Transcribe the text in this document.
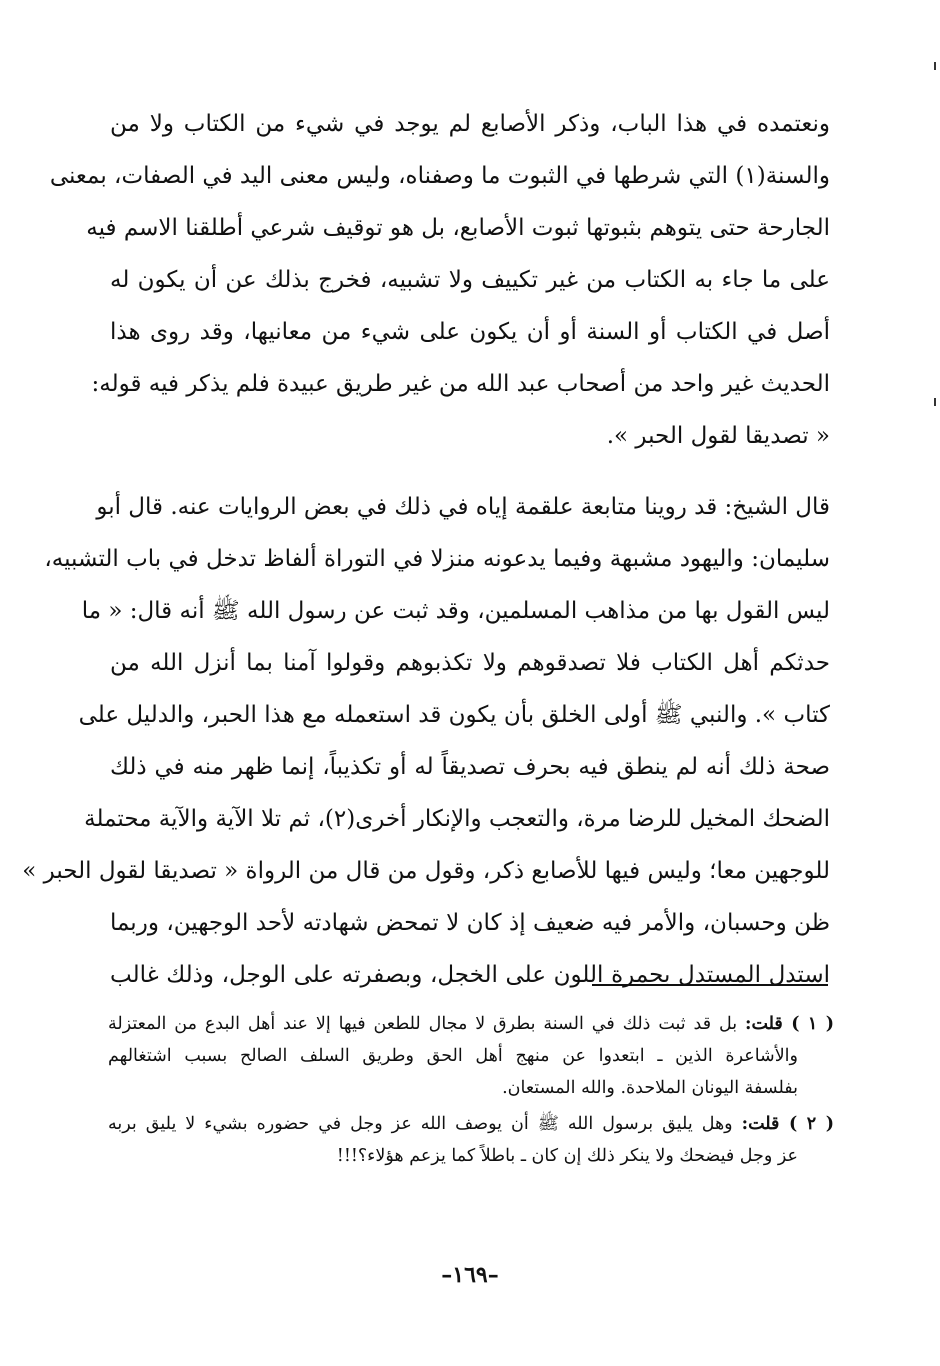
ونعتمده في هذا الباب، وذكر الأصابع لم يوجد في شيء من الكتاب ولا من
والسنة(١) التي شرطها في الثبوت ما وصفناه، وليس معنى اليد في الصفات، بمعنى
الجارحة حتى يتوهم بثبوتها ثبوت الأصابع، بل هو توقيف شرعي أطلقنا الاسم فيه
على ما جاء به الكتاب من غير تكييف ولا تشبيه، فخرج بذلك عن أن يكون له
أصل في الكتاب أو السنة أو أن يكون على شيء من معانيها، وقد روى هذا
الحديث غير واحد من أصحاب عبد الله من غير طريق عبيدة فلم يذكر فيه قوله:
« تصديقا لقول الحبر ».
قال الشيخ: قد روينا متابعة علقمة إياه في ذلك في بعض الروايات عنه. قال أبو
سليمان: واليهود مشبهة وفيما يدعونه منزلا في التوراة ألفاظ تدخل في باب التشبيه،
ليس القول بها من مذاهب المسلمين، وقد ثبت عن رسول الله ﷺ أنه قال: « ما
حدثكم أهل الكتاب فلا تصدقوهم ولا تكذبوهم وقولوا آمنا بما أنزل الله من
كتاب ». والنبي ﷺ أولى الخلق بأن يكون قد استعمله مع هذا الحبر، والدليل على
صحة ذلك أنه لم ينطق فيه بحرف تصديقاً له أو تكذيباً، إنما ظهر منه في ذلك
الضحك المخيل للرضا مرة، والتعجب والإنكار أخرى(٢)، ثم تلا الآية والآية محتملة
للوجهين معا؛ وليس فيها للأصابع ذكر، وقول من قال من الرواة « تصديقا لقول الحبر »
ظن وحسبان، والأمر فيه ضعيف إذ كان لا تمحض شهادته لأحد الوجهين، وربما
استدل المستدل بحمرة اللون على الخجل، وبصفرته على الوجل، وذلك غالب
( ١ ) قلت: بل قد ثبت ذلك في السنة بطرق لا مجال للطعن فيها إلا عند أهل البدع من المعتزلة
والأشاعرة الذين ـ ابتعدوا عن منهج أهل الحق وطريق السلف الصالح بسبب اشتغالهم
بفلسفة اليونان الملاحدة. والله المستعان.
( ٢ ) قلت: وهل يليق برسول الله ﷺ أن يوصف الله عز وجل في حضوره بشيء لا يليق بربه
عز وجل فيضحك ولا ينكر ذلك إن كان ـ باطلاً كما يزعم هؤلاء؟!!!
–١٦٩–
